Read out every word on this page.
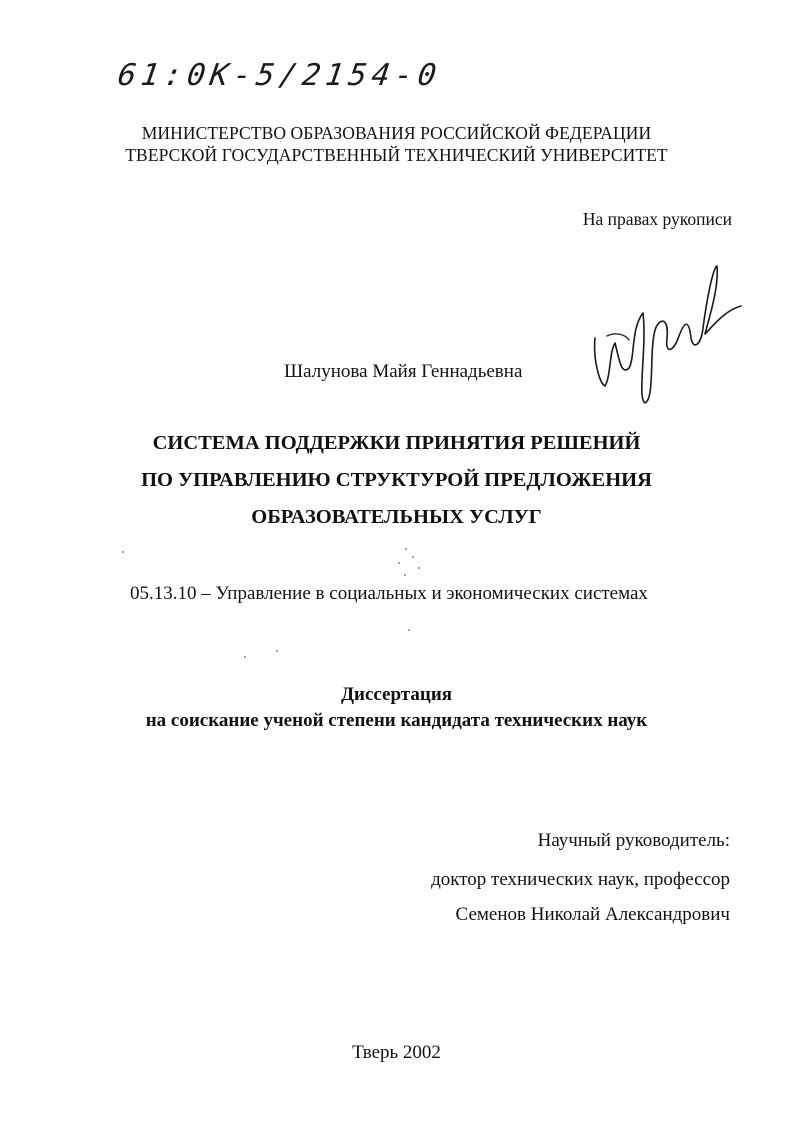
61:0К-5/2154-0
МИНИСТЕРСТВО ОБРАЗОВАНИЯ РОССИЙСКОЙ ФЕДЕРАЦИИ
ТВЕРСКОЙ ГОСУДАРСТВЕННЫЙ ТЕХНИЧЕСКИЙ УНИВЕРСИТЕТ
На правах рукописи
Шалунова Майя Геннадьевна
СИСТЕМА ПОДДЕРЖКИ ПРИНЯТИЯ РЕШЕНИЙ
ПО УПРАВЛЕНИЮ СТРУКТУРОЙ ПРЕДЛОЖЕНИЯ
ОБРАЗОВАТЕЛЬНЫХ УСЛУГ
05.13.10 – Управление в социальных и экономических системах
Диссертация
на соискание ученой степени кандидата технических наук
Научный руководитель:
доктор технических наук, профессор
Семенов Николай Александрович
Тверь 2002
